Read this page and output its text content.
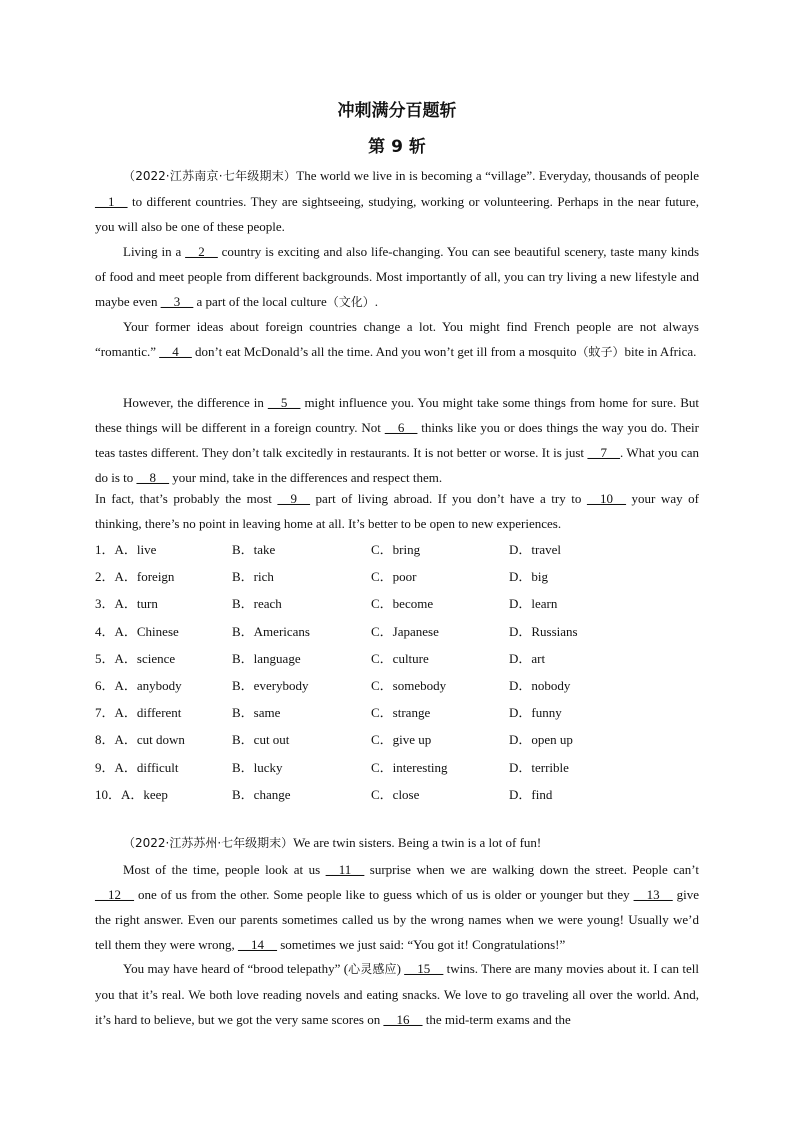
冲刺满分百题斩
第 9 斩
（2022·江苏南京·七年级期末）The world we live in is becoming a “village”. Everyday, thousands of people __1__ to different countries. They are sightseeing, studying, working or volunteering. Perhaps in the near future, you will also be one of these people.
Living in a __2__ country is exciting and also life-changing. You can see beautiful scenery, taste many kinds of food and meet people from different backgrounds. Most importantly of all, you can try living a new lifestyle and maybe even __3__ a part of the local culture（文化）.
Your former ideas about foreign countries change a lot. You might find French people are not always “romantic.” __4__ don’t eat McDonald’s all the time. And you won’t get ill from a mosquito（蚊子）bite in Africa.
However, the difference in __5__ might influence you. You might take some things from home for sure. But these things will be different in a foreign country. Not __6__ thinks like you or does things the way you do. Their teas tastes different. They don’t talk excitedly in restaurants. It is not better or worse. It is just __7__. What you can do is to __8__ your mind, take in the differences and respect them.
In fact, that’s probably the most __9__ part of living abroad. If you don’t have a try to __10__ your way of thinking, there’s no point in leaving home at all. It’s better to be open to new experiences.
1．A．live	B．take	C．bring	D．travel
2．A．foreign	B．rich	C．poor	D．big
3．A．turn	B．reach	C．become	D．learn
4．A．Chinese	B．Americans	C．Japanese	D．Russians
5．A．science	B．language	C．culture	D．art
6．A．anybody	B．everybody	C．somebody	D．nobody
7．A．different	B．same	C．strange	D．funny
8．A．cut down	B．cut out	C．give up	D．open up
9．A．difficult	B．lucky	C．interesting	D．terrible
10．A．keep	B．change	C．close	D．find
（2022·江苏苏州·七年级期末）We are twin sisters. Being a twin is a lot of fun!
Most of the time, people look at us __11__ surprise when we are walking down the street. People can’t __12__ one of us from the other. Some people like to guess which of us is older or younger but they __13__ give the right answer. Even our parents sometimes called us by the wrong names when we were young! Usually we’d tell them they were wrong, __14__ sometimes we just said: “You got it! Congratulations!”
You may have heard of “brood telepathy” (心灵感应) __15__ twins. There are many movies about it. I can tell you that it’s real. We both love reading novels and eating snacks. We love to go traveling all over the world. And, it’s hard to believe, but we got the very same scores on __16__ the mid-term exams and the
